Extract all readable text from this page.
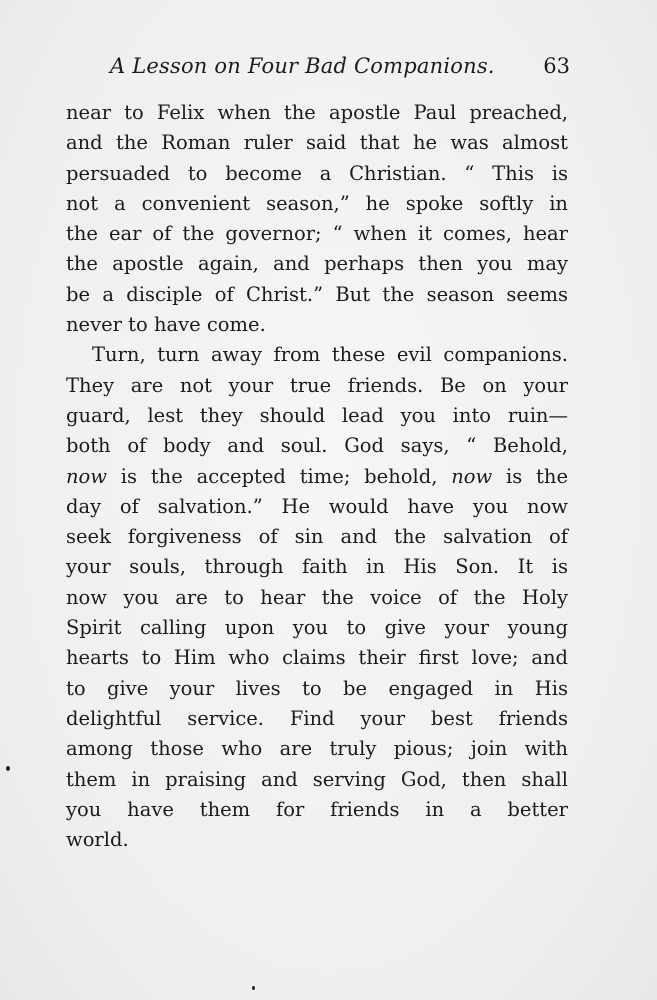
A Lesson on Four Bad Companions. 63
near to Felix when the apostle Paul preached,
and the Roman ruler said that he was almost
persuaded to become a Christian. “ This is
not a convenient season,” he spoke softly in
the ear of the governor; “ when it comes, hear
the apostle again, and perhaps then you may
be a disciple of Christ.” But the season seems
never to have come.
Turn, turn away from these evil companions.
They are not your true friends. Be on your
guard, lest they should lead you into ruin—
both of body and soul. God says, “ Behold,
now is the accepted time; behold, now is the
day of salvation.” He would have you now
seek forgiveness of sin and the salvation of
your souls, through faith in His Son. It is
now you are to hear the voice of the Holy
Spirit calling upon you to give your young
hearts to Him who claims their first love; and
to give your lives to be engaged in His
delightful service. Find your best friends
among those who are truly pious; join with
them in praising and serving God, then shall
you have them for friends in a better
world.
